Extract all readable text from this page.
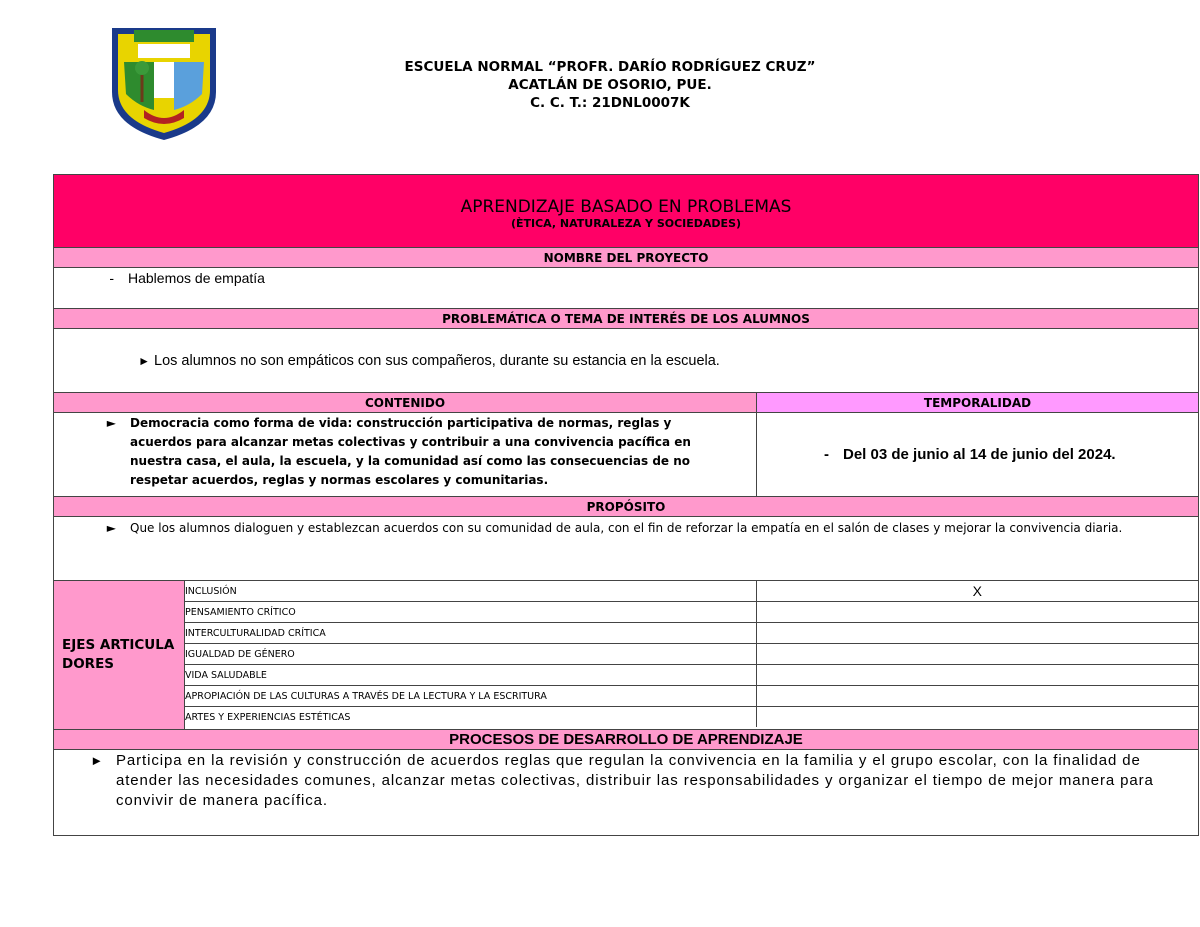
ESCUELA NORMAL “PROFR. DARÍO RODRÍGUEZ CRUZ”
ACATLÁN DE OSORIO, PUE.
C. C. T.: 21DNL0007K
APRENDIZAJE BASADO EN PROBLEMAS
(ÈTICA, NATURALEZA Y SOCIEDADES)

NOMBRE DEL PROYECTO
- Hablemos de empatía
PROBLEMÁTICA O TEMA DE INTERÉS DE LOS ALUMNOS
► Los alumnos no son empáticos con sus compañeros, durante su estancia en la escuela.
CONTENIDO	TEMPORALIDAD

►	Democracia como forma de vida: construcción participativa de normas, reglas y acuerdos para alcanzar metas colectivas y contribuir a una convivencia pacífica en nuestra casa, el aula, la escuela, y la comunidad así como las consecuencias de no respetar acuerdos, reglas y normas escolares y comunitarias.

- Del 03 de junio al 14 de junio del 2024.

PROPÓSITO

►	Que los alumnos dialoguen y establezcan acuerdos con su comunidad de aula, con el fin de reforzar la empatía en el salón de clases y mejorar la convivencia diaria.

EJES ARTICULADORES	
INCLUSIÓN	X
PENSAMIENTO CRÍTICO	
INTERCULTURALIDAD CRÍTICA	
IGUALDAD DE GÉNERO	
VIDA SALUDABLE	
APROPIACIÓN DE LAS CULTURAS A TRAVÉS DE LA LECTURA Y LA ESCRITURA	
ARTES Y EXPERIENCIAS ESTÉTICAS	

PROCESOS DE DESARROLLO DE APRENDIZAJE

► Participa en la revisión y construcción de acuerdos reglas que regulan la convivencia en la familia y el grupo escolar, con la finalidad de atender las necesidades comunes, alcanzar metas colectivas, distribuir las responsabilidades y organizar el tiempo de mejor manera para convivir de manera pacífica.
